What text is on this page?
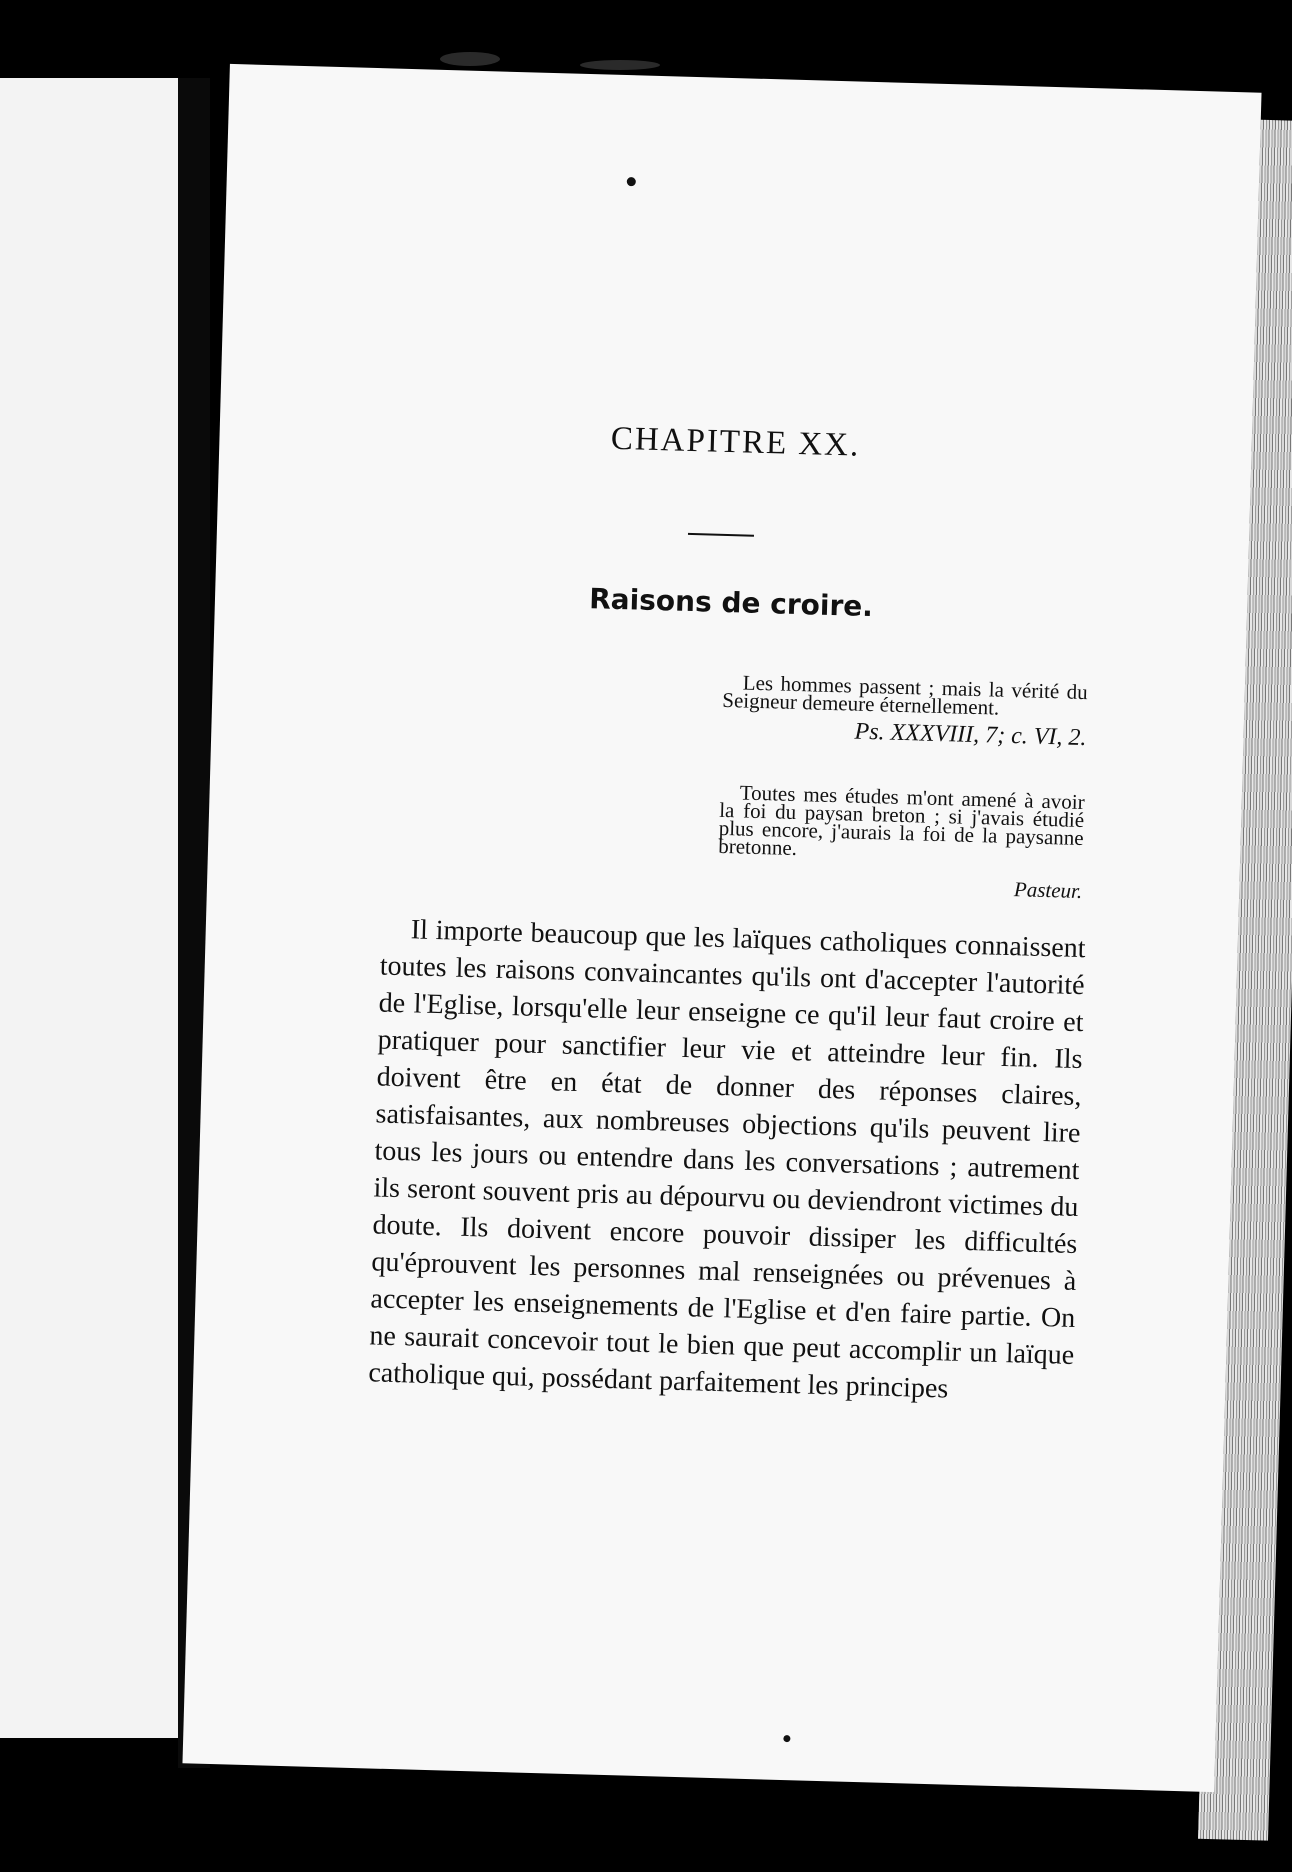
CHAPITRE XX.
Raisons de croire.

Les hommes passent ; mais la vérité du Seigneur demeure éternellement.

Ps. XXXVIII, 7; c. VI, 2.

Toutes mes études m'ont amené à avoir la foi du paysan breton ; si j'avais étudié plus encore, j'aurais la foi de la paysanne bretonne.

Pasteur.

Il importe beaucoup que les laïques catholiques connaissent toutes les raisons convaincantes qu'ils ont d'accepter l'autorité de l'Eglise, lorsqu'elle leur enseigne ce qu'il leur faut croire et pratiquer pour sanctifier leur vie et atteindre leur fin. Ils doivent être en état de donner des réponses claires, satisfaisantes, aux nombreuses objections qu'ils peuvent lire tous les jours ou entendre dans les conversations ; autrement ils seront souvent pris au dépourvu ou deviendront victimes du doute. Ils doivent encore pouvoir dissiper les difficultés qu'éprouvent les personnes mal renseignées ou prévenues à accepter les enseignements de l'Eglise et d'en faire partie. On ne saurait concevoir tout le bien que peut accomplir un laïque catholique qui, possédant parfaitement les principes
